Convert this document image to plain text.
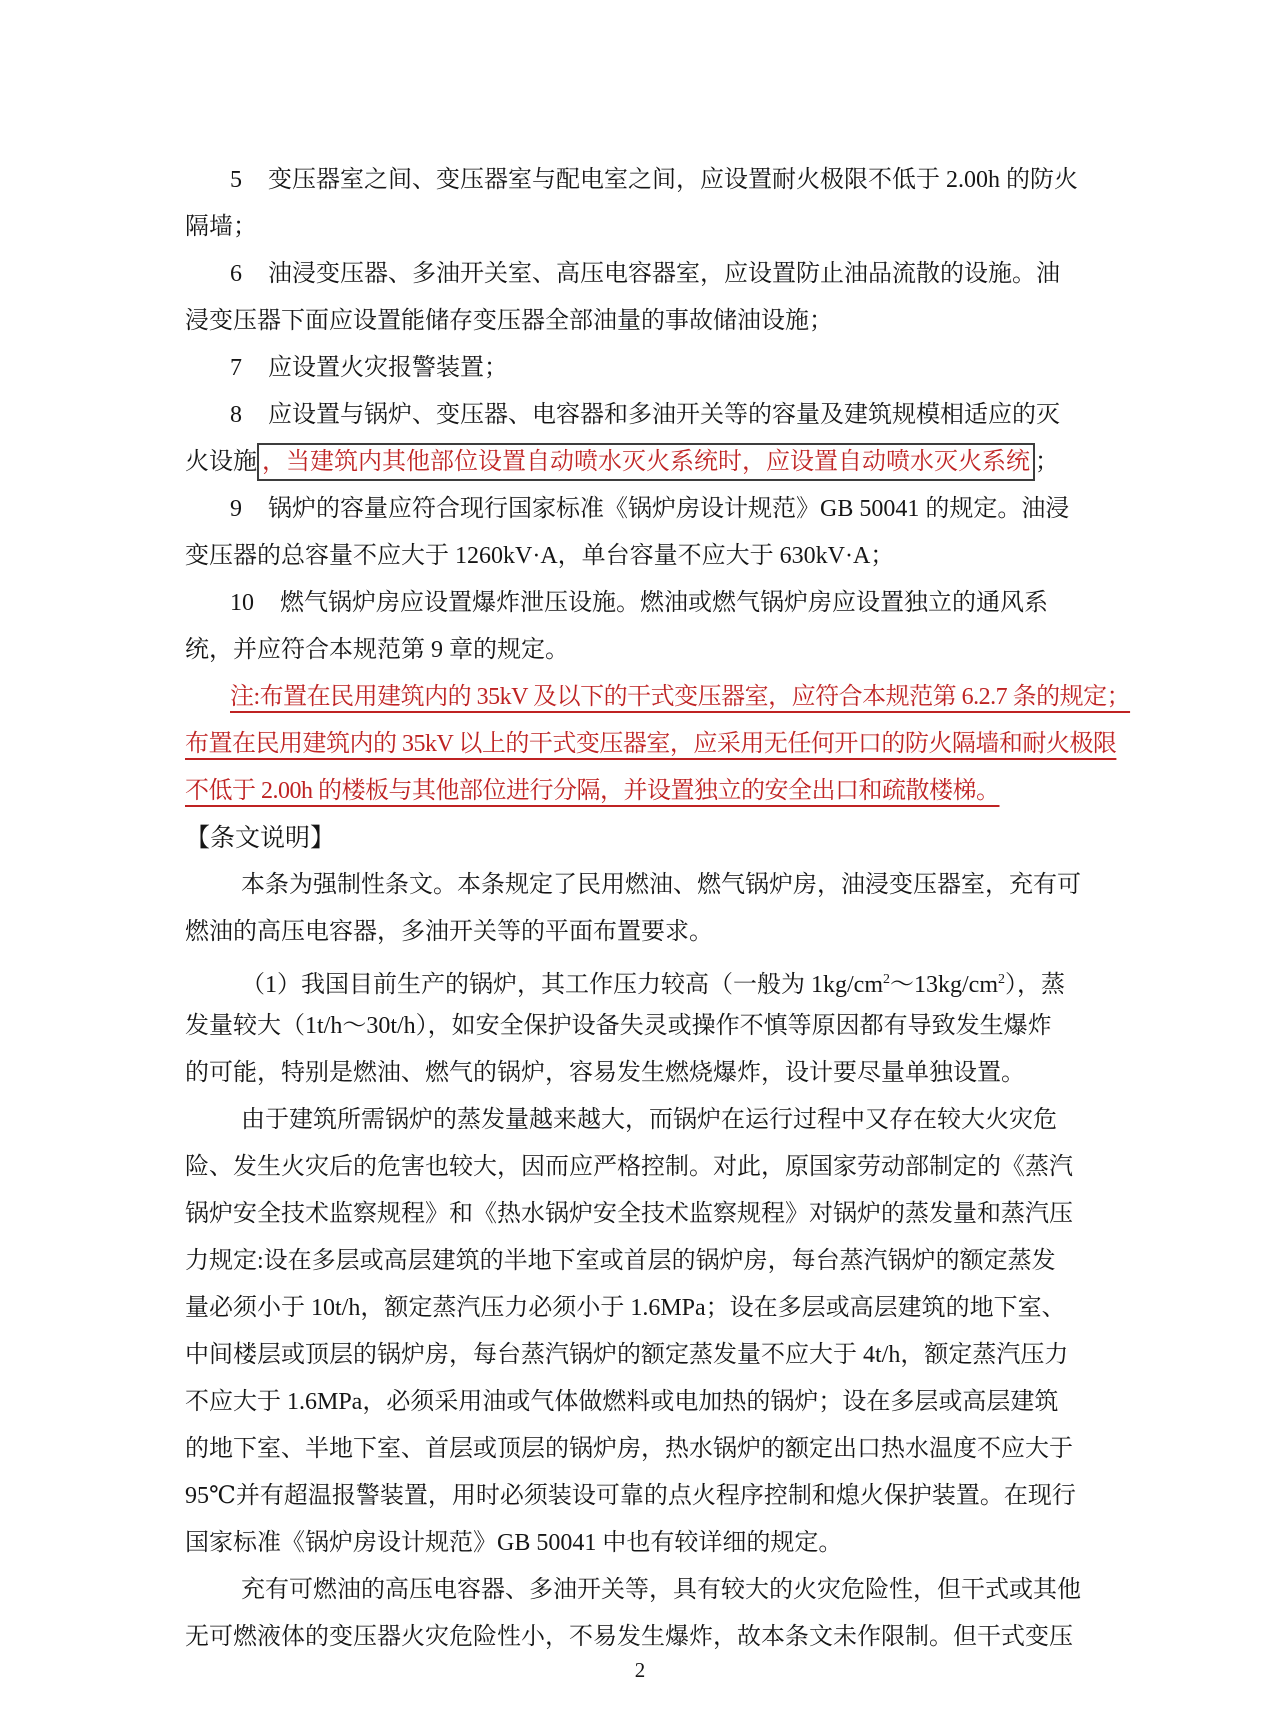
5 变压器室之间、变压器室与配电室之间，应设置耐火极限不低于 2.00h 的防火
隔墙；
6 油浸变压器、多油开关室、高压电容器室，应设置防止油品流散的设施。油
浸变压器下面应设置能储存变压器全部油量的事故储油设施；
7 应设置火灾报警装置；
8 应设置与锅炉、变压器、电容器和多油开关等的容量及建筑规模相适应的灭
火设施 ，当建筑内其他部位设置自动喷水灭火系统时，应设置自动喷水灭火系统 ；
9 锅炉的容量应符合现行国家标准《锅炉房设计规范》GB 50041 的规定。油浸
变压器的总容量不应大于 1260kV·A，单台容量不应大于 630kV·A；
10 燃气锅炉房应设置爆炸泄压设施。燃油或燃气锅炉房应设置独立的通风系
统，并应符合本规范第 9 章的规定。
注:布置在民用建筑内的 35kV 及以下的干式变压器室，应符合本规范第 6.2.7 条的规定；
布置在民用建筑内的 35kV 以上的干式变压器室，应采用无任何开口的防火隔墙和耐火极限
不低于 2.00h 的楼板与其他部位进行分隔，并设置独立的安全出口和疏散楼梯。
【条文说明】
本条为强制性条文。本条规定了民用燃油、燃气锅炉房，油浸变压器室，充有可
燃油的高压电容器，多油开关等的平面布置要求。
（1）我国目前生产的锅炉，其工作压力较高（一般为 $1kg/cm^2\sim 13kg/cm^2$），蒸
发量较大（1t/h～30t/h），如安全保护设备失灵或操作不慎等原因都有导致发生爆炸
的可能，特别是燃油、燃气的锅炉，容易发生燃烧爆炸，设计要尽量单独设置。
由于建筑所需锅炉的蒸发量越来越大，而锅炉在运行过程中又存在较大火灾危
险、发生火灾后的危害也较大，因而应严格控制。对此，原国家劳动部制定的《蒸汽
锅炉安全技术监察规程》和《热水锅炉安全技术监察规程》对锅炉的蒸发量和蒸汽压
力规定:设在多层或高层建筑的半地下室或首层的锅炉房，每台蒸汽锅炉的额定蒸发
量必须小于 10t/h，额定蒸汽压力必须小于 1.6MPa；设在多层或高层建筑的地下室、
中间楼层或顶层的锅炉房，每台蒸汽锅炉的额定蒸发量不应大于 4t/h，额定蒸汽压力
不应大于 1.6MPa，必须采用油或气体做燃料或电加热的锅炉；设在多层或高层建筑
的地下室、半地下室、首层或顶层的锅炉房，热水锅炉的额定出口热水温度不应大于
95℃并有超温报警装置，用时必须装设可靠的点火程序控制和熄火保护装置。在现行
国家标准《锅炉房设计规范》GB 50041 中也有较详细的规定。
充有可燃油的高压电容器、多油开关等，具有较大的火灾危险性，但干式或其他
无可燃液体的变压器火灾危险性小，不易发生爆炸，故本条文未作限制。但干式变压
2
